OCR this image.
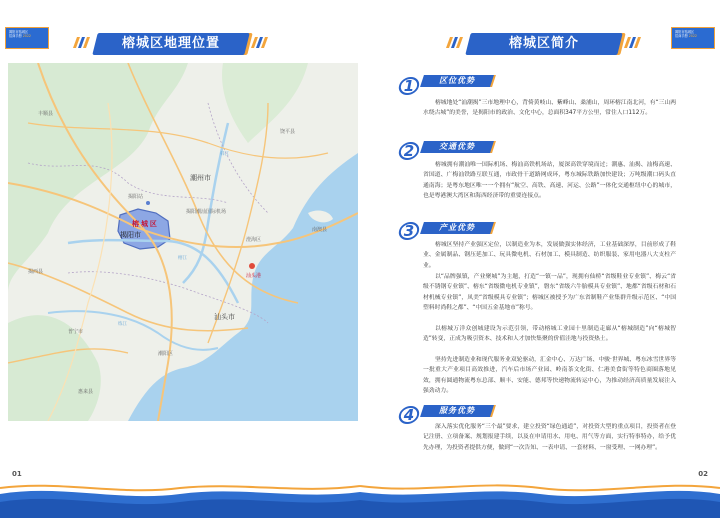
揭阳市榕城区
招商手册 2022	榕城区地理位置
潮州市
揭阳市
榕 城 区
汕头市
揭阳站
揭阳潮汕国际机场
汕头港
丰顺县
揭西县
普宁市
澄海区
饶平县
南澳县
潮阳区
惠来县
练江
韩江
榕江
01
揭阳市榕城区
招商手册 2022
榕城区简介
02
1	区位优势
榕城地处“汕潮揭”三市地理中心，背倚黄岐山、紫峰山、桑浦山，周环榕江南北河，有“三山两水绕古城”的美誉，是揭阳市的政治、文化中心，总面积347平方公里，常住人口112万。
2	交通优势
榕城拥有潮汕唯一国际机场、梅汕高铁机场站，厦深高铁穿境而过；潮惠、汕揭、汕梅高速、省国道、广梅汕铁路互联互通，市政骨干道路网成环，粤东城际铁路加快建设；万吨级潮口码头直通南海；是粤东地区唯一一个拥有“航空、高铁、高速、河运、公路”一体化交通枢纽中心的城市，也是粤港澳大湾区和海西经济带的重要连接点。
3	产业优势
榕城区坚持产业强区定位，以制造业为本，发展做强实体经济，工业基础深厚，目前形成了鞋业、金属制品、钢压延加工、玩具微电机、石材加工、模具制造、纺织服装、家用电器八大支柱产业。
以“品牌强镇，产业聚城”为主题，打造“一镇一品”，现拥有仙桥“省级鞋业专业镇”、梅云“省级不锈钢专业镇”、榕东“省级微电机专业镇”，磐东“省级六牛胎模具专业镇”、地都“省级石材和石材机械专业镇”，凤美“省级模具专业镇”；榕城区被授予为广东省制鞋产业集群升级示范区、“中国塑料时尚鞋之都”、“中国五金基地市”称号。
以榕城万洋众创城建设为示范引领，带动榕城工业园十里制造走廊从“榕城制造”向“榕城智造”转变，正成为吸引资本、技术和人才加快集聚的价值洼地与投资热土。
坚持先进制造业和现代服务业双轮驱动，汇金中心、万达广场、中骏·世界城、粤东冰雪世界等一批重大产业项目高效推进，汽车后市场产业园、岭南茶文化街、仁港美食街等特色商圈落地见效，拥有圆通物流粤东总部、顺丰、安能、德邦等快递物流转运中心，为推动经济高质量发展注入强劲动力。
4	服务优势
深入落实优化服务“三个最”要求，建立投资“绿色通道”，对投资大型的重点项目，投资者在登记注册、立项备案、规划报建手续，以及在申请用水、用电、用气等方面，实行特事特办，给予优先办理，为投资者提供方便，做到“一次告知、一表申请、一套材料、一窗受理、一网办理”。
